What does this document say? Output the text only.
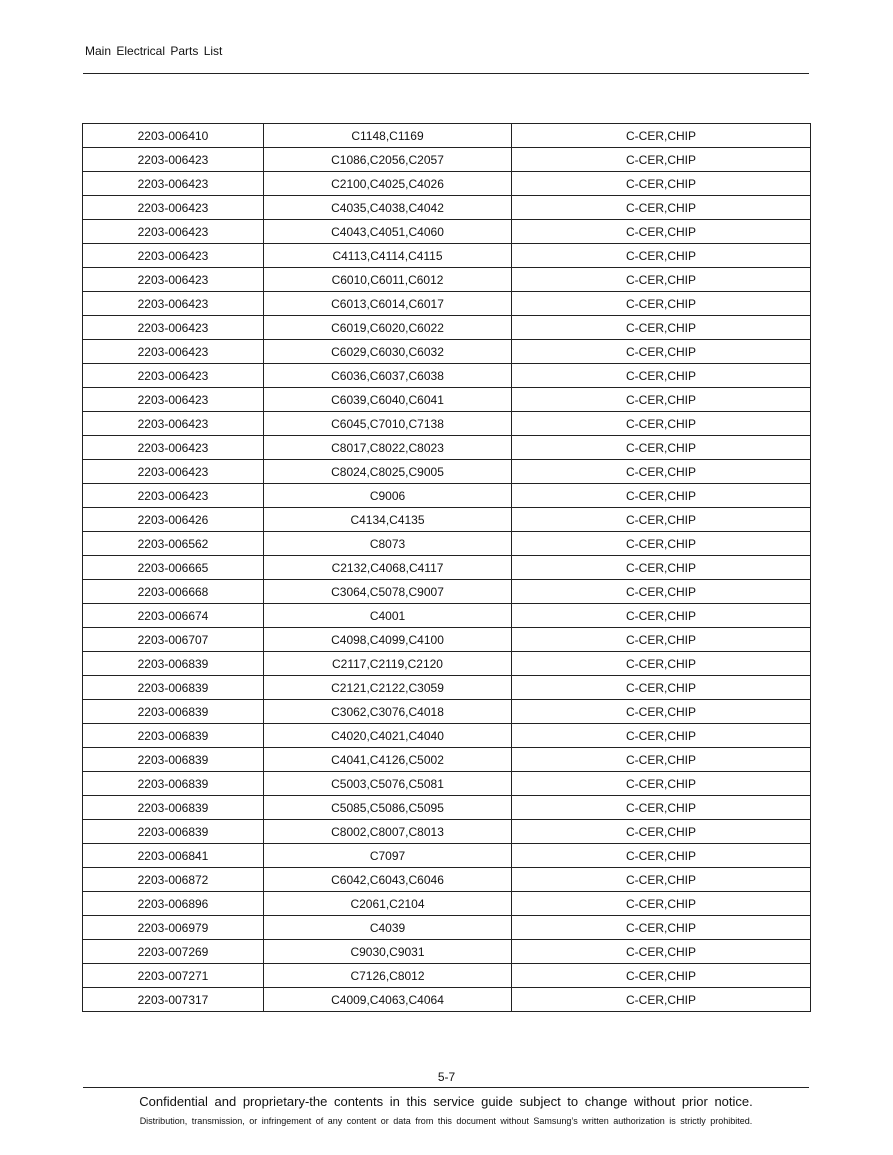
Main Electrical Parts List
2203-006410	C1148,C1169	C-CER,CHIP
2203-006423	C1086,C2056,C2057	C-CER,CHIP
2203-006423	C2100,C4025,C4026	C-CER,CHIP
2203-006423	C4035,C4038,C4042	C-CER,CHIP
2203-006423	C4043,C4051,C4060	C-CER,CHIP
2203-006423	C4113,C4114,C4115	C-CER,CHIP
2203-006423	C6010,C6011,C6012	C-CER,CHIP
2203-006423	C6013,C6014,C6017	C-CER,CHIP
2203-006423	C6019,C6020,C6022	C-CER,CHIP
2203-006423	C6029,C6030,C6032	C-CER,CHIP
2203-006423	C6036,C6037,C6038	C-CER,CHIP
2203-006423	C6039,C6040,C6041	C-CER,CHIP
2203-006423	C6045,C7010,C7138	C-CER,CHIP
2203-006423	C8017,C8022,C8023	C-CER,CHIP
2203-006423	C8024,C8025,C9005	C-CER,CHIP
2203-006423	C9006	C-CER,CHIP
2203-006426	C4134,C4135	C-CER,CHIP
2203-006562	C8073	C-CER,CHIP
2203-006665	C2132,C4068,C4117	C-CER,CHIP
2203-006668	C3064,C5078,C9007	C-CER,CHIP
2203-006674	C4001	C-CER,CHIP
2203-006707	C4098,C4099,C4100	C-CER,CHIP
2203-006839	C2117,C2119,C2120	C-CER,CHIP
2203-006839	C2121,C2122,C3059	C-CER,CHIP
2203-006839	C3062,C3076,C4018	C-CER,CHIP
2203-006839	C4020,C4021,C4040	C-CER,CHIP
2203-006839	C4041,C4126,C5002	C-CER,CHIP
2203-006839	C5003,C5076,C5081	C-CER,CHIP
2203-006839	C5085,C5086,C5095	C-CER,CHIP
2203-006839	C8002,C8007,C8013	C-CER,CHIP
2203-006841	C7097	C-CER,CHIP
2203-006872	C6042,C6043,C6046	C-CER,CHIP
2203-006896	C2061,C2104	C-CER,CHIP
2203-006979	C4039	C-CER,CHIP
2203-007269	C9030,C9031	C-CER,CHIP
2203-007271	C7126,C8012	C-CER,CHIP
2203-007317	C4009,C4063,C4064	C-CER,CHIP
5-7
Confidential and proprietary-the contents in this service guide subject to change without prior notice.
Distribution, transmission, or infringement of any content or data from this document without Samsung’s written authorization is strictly prohibited.
